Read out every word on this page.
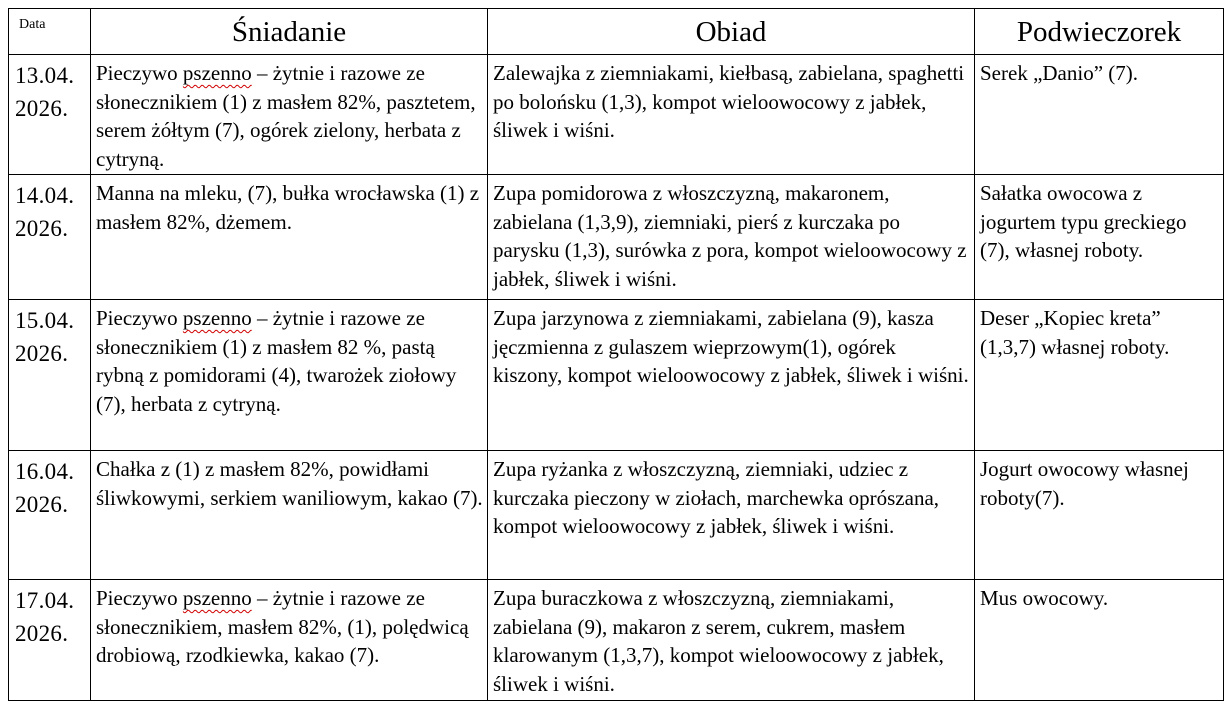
Data	Śniadanie	Obiad	Podwieczorek
13.04.
2026.	Pieczywo pszenno – żytnie i razowe ze słonecznikiem (1) z masłem 82%, pasztetem, serem żółtym (7), ogórek zielony, herbata z cytryną.	Zalewajka z ziemniakami, kiełbasą, zabielana, spaghetti po bolońsku (1,3), kompot wieloowocowy z jabłek, śliwek i wiśni.	Serek „Danio” (7).
14.04.
2026.	Manna na mleku, (7), bułka wrocławska (1) z masłem 82%, dżemem.	Zupa pomidorowa z włoszczyzną, makaronem, zabielana (1,3,9), ziemniaki, pierś z kurczaka po parysku (1,3), surówka z pora, kompot wieloowocowy z jabłek, śliwek i wiśni.	Sałatka owocowa z jogurtem typu greckiego (7), własnej roboty.
15.04.
2026.	Pieczywo pszenno – żytnie i razowe ze słonecznikiem (1) z masłem 82 %, pastą rybną z pomidorami (4), twarożek ziołowy (7), herbata z cytryną.	Zupa jarzynowa z ziemniakami, zabielana (9), kasza jęczmienna z gulaszem wieprzowym(1), ogórek kiszony, kompot wieloowocowy z jabłek, śliwek i wiśni.	Deser „Kopiec kreta” (1,3,7) własnej roboty.
16.04.
2026.	Chałka z (1) z masłem 82%, powidłami śliwkowymi, serkiem waniliowym, kakao (7).	Zupa ryżanka z włoszczyzną, ziemniaki, udziec z kurczaka pieczony w ziołach, marchewka oprószana, kompot wieloowocowy z jabłek, śliwek i wiśni.	Jogurt owocowy własnej roboty(7).
17.04.
2026.	Pieczywo pszenno – żytnie i razowe ze słonecznikiem, masłem 82%, (1), polędwicą drobiową, rzodkiewka, kakao (7).	Zupa buraczkowa z włoszczyzną, ziemniakami, zabielana (9), makaron z serem, cukrem, masłem klarowanym (1,3,7), kompot wieloowocowy z jabłek, śliwek i wiśni.	Mus owocowy.
